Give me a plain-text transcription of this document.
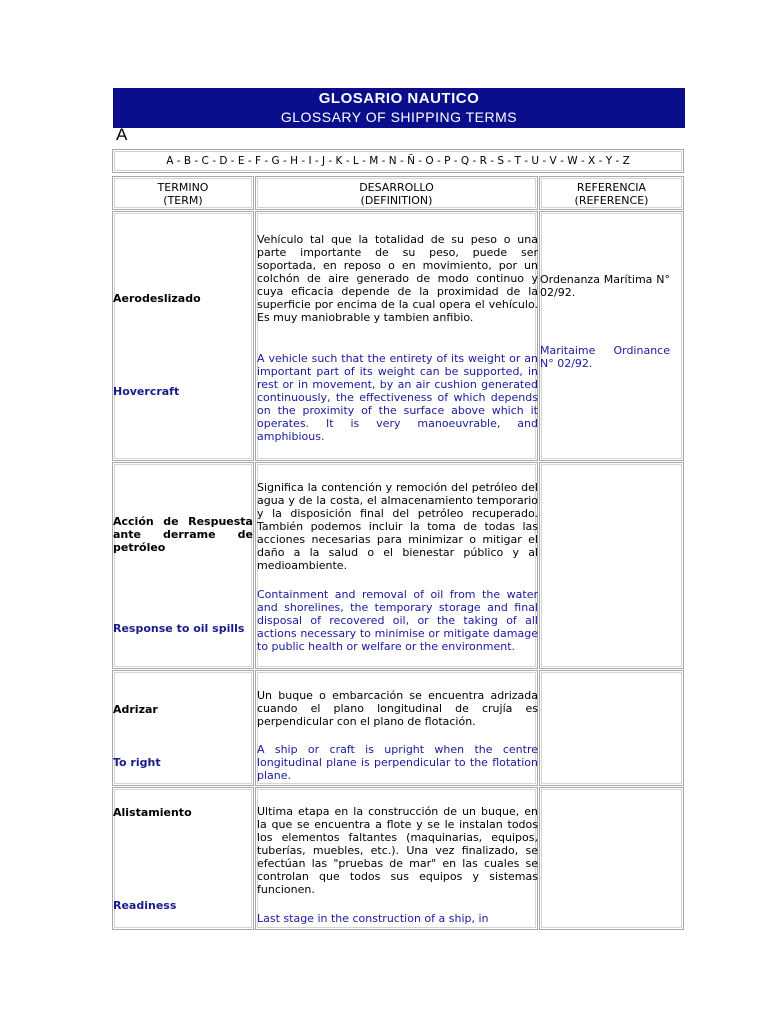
GLOSARIO NAUTICO
GLOSSARY OF SHIPPING TERMS
A
A - B - C - D - E - F - G - H - I - J - K - L - M - N - Ñ - O - P - Q - R - S - T - U - V - W - X - Y - Z
TERMINO
(TERM)
DESARROLLO
(DEFINITION)
REFERENCIA
(REFERENCE)
Aerodeslizado
Hovercraft
Vehículo tal que la totalidad de su peso o una parte importante de su peso, puede ser soportada, en reposo o en movimiento, por un colchón de aire generado de modo continuo y cuya eficacia depende de la proximidad de la superficie por encima de la cual opera el vehículo. Es muy maniobrable y tambien anfibio.
A vehicle such that the entirety of its weight or an important part of its weight can be supported, in rest or in movement, by an air cushion generated continuously, the effectiveness of which depends on the proximity of the surface above which it operates. It is very manoeuvrable, and amphibious.
Ordenanza Marítima N° 02/92.
Maritaime Ordinance N° 02/92.
Acción de Respuesta ante derrame de petróleo
Response to oil spills
Significa la contención y remoción del petróleo del agua y de la costa, el almacenamiento temporario y la disposición final del petróleo recuperado. También podemos incluir la toma de todas las acciones necesarias para minimizar o mitigar el daño a la salud o el bienestar público y al medioambiente.
Containment and removal of oil from the water and shorelines, the temporary storage and final disposal of recovered oil, or the taking of all actions necessary to minimise or mitigate damage to public health or welfare or the environment.
Adrizar
To right
Un buque o embarcación se encuentra adrizada cuando el plano longitudinal de crujía es perpendicular con el plano de flotación.
A ship or craft is upright when the centre longitudinal plane is perpendicular to the flotation plane.
Alistamiento
Readiness
Ultima etapa en la construcción de un buque, en la que se encuentra a flote y se le instalan todos los elementos faltantes (maquinarias, equipos, tuberías, muebles, etc.). Una vez finalizado, se efectúan las "pruebas de mar" en las cuales se controlan que todos sus equipos y sistemas funcionen.
Last stage in the construction of a ship, in
